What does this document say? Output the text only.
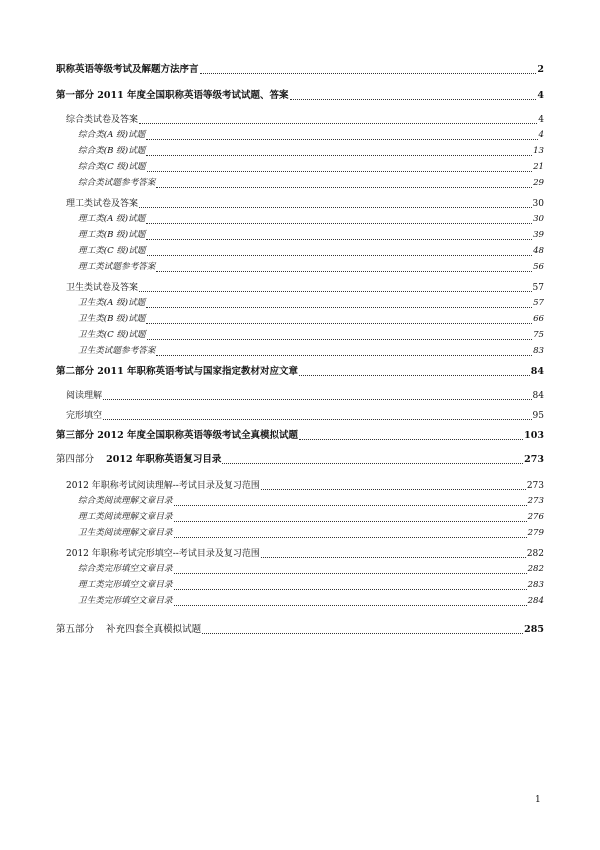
职称英语等级考试及解题方法序言	2
第一部分 2011 年度全国职称英语等级考试试题、答案	4
综合类试卷及答案	4
综合类(A 级)试题	4
综合类(B 级)试题	13
综合类(C 级)试题	21
综合类试题参考答案	29
理工类试卷及答案	30
理工类(A 级)试题	30
理工类(B 级)试题	39
理工类(C 级)试题	48
理工类试题参考答案	56
卫生类试卷及答案	57
卫生类(A 级)试题	57
卫生类(B 级)试题	66
卫生类(C 级)试题	75
卫生类试题参考答案	83
第二部分 2011 年职称英语考试与国家指定教材对应文章	84
阅读理解	84
完形填空	95
第三部分 2012 年度全国职称英语等级考试全真模拟试题	103
第四部分 2012 年职称英语复习目录	273
2012 年职称考试阅读理解--考试目录及复习范围	273
综合类阅读理解文章目录	273
理工类阅读理解文章目录	276
卫生类阅读理解文章目录	279
2012 年职称考试完形填空--考试目录及复习范围	282
综合类完形填空文章目录	282
理工类完形填空文章目录	283
卫生类完形填空文章目录	284
第五部分 补充四套全真模拟试题	285
1
